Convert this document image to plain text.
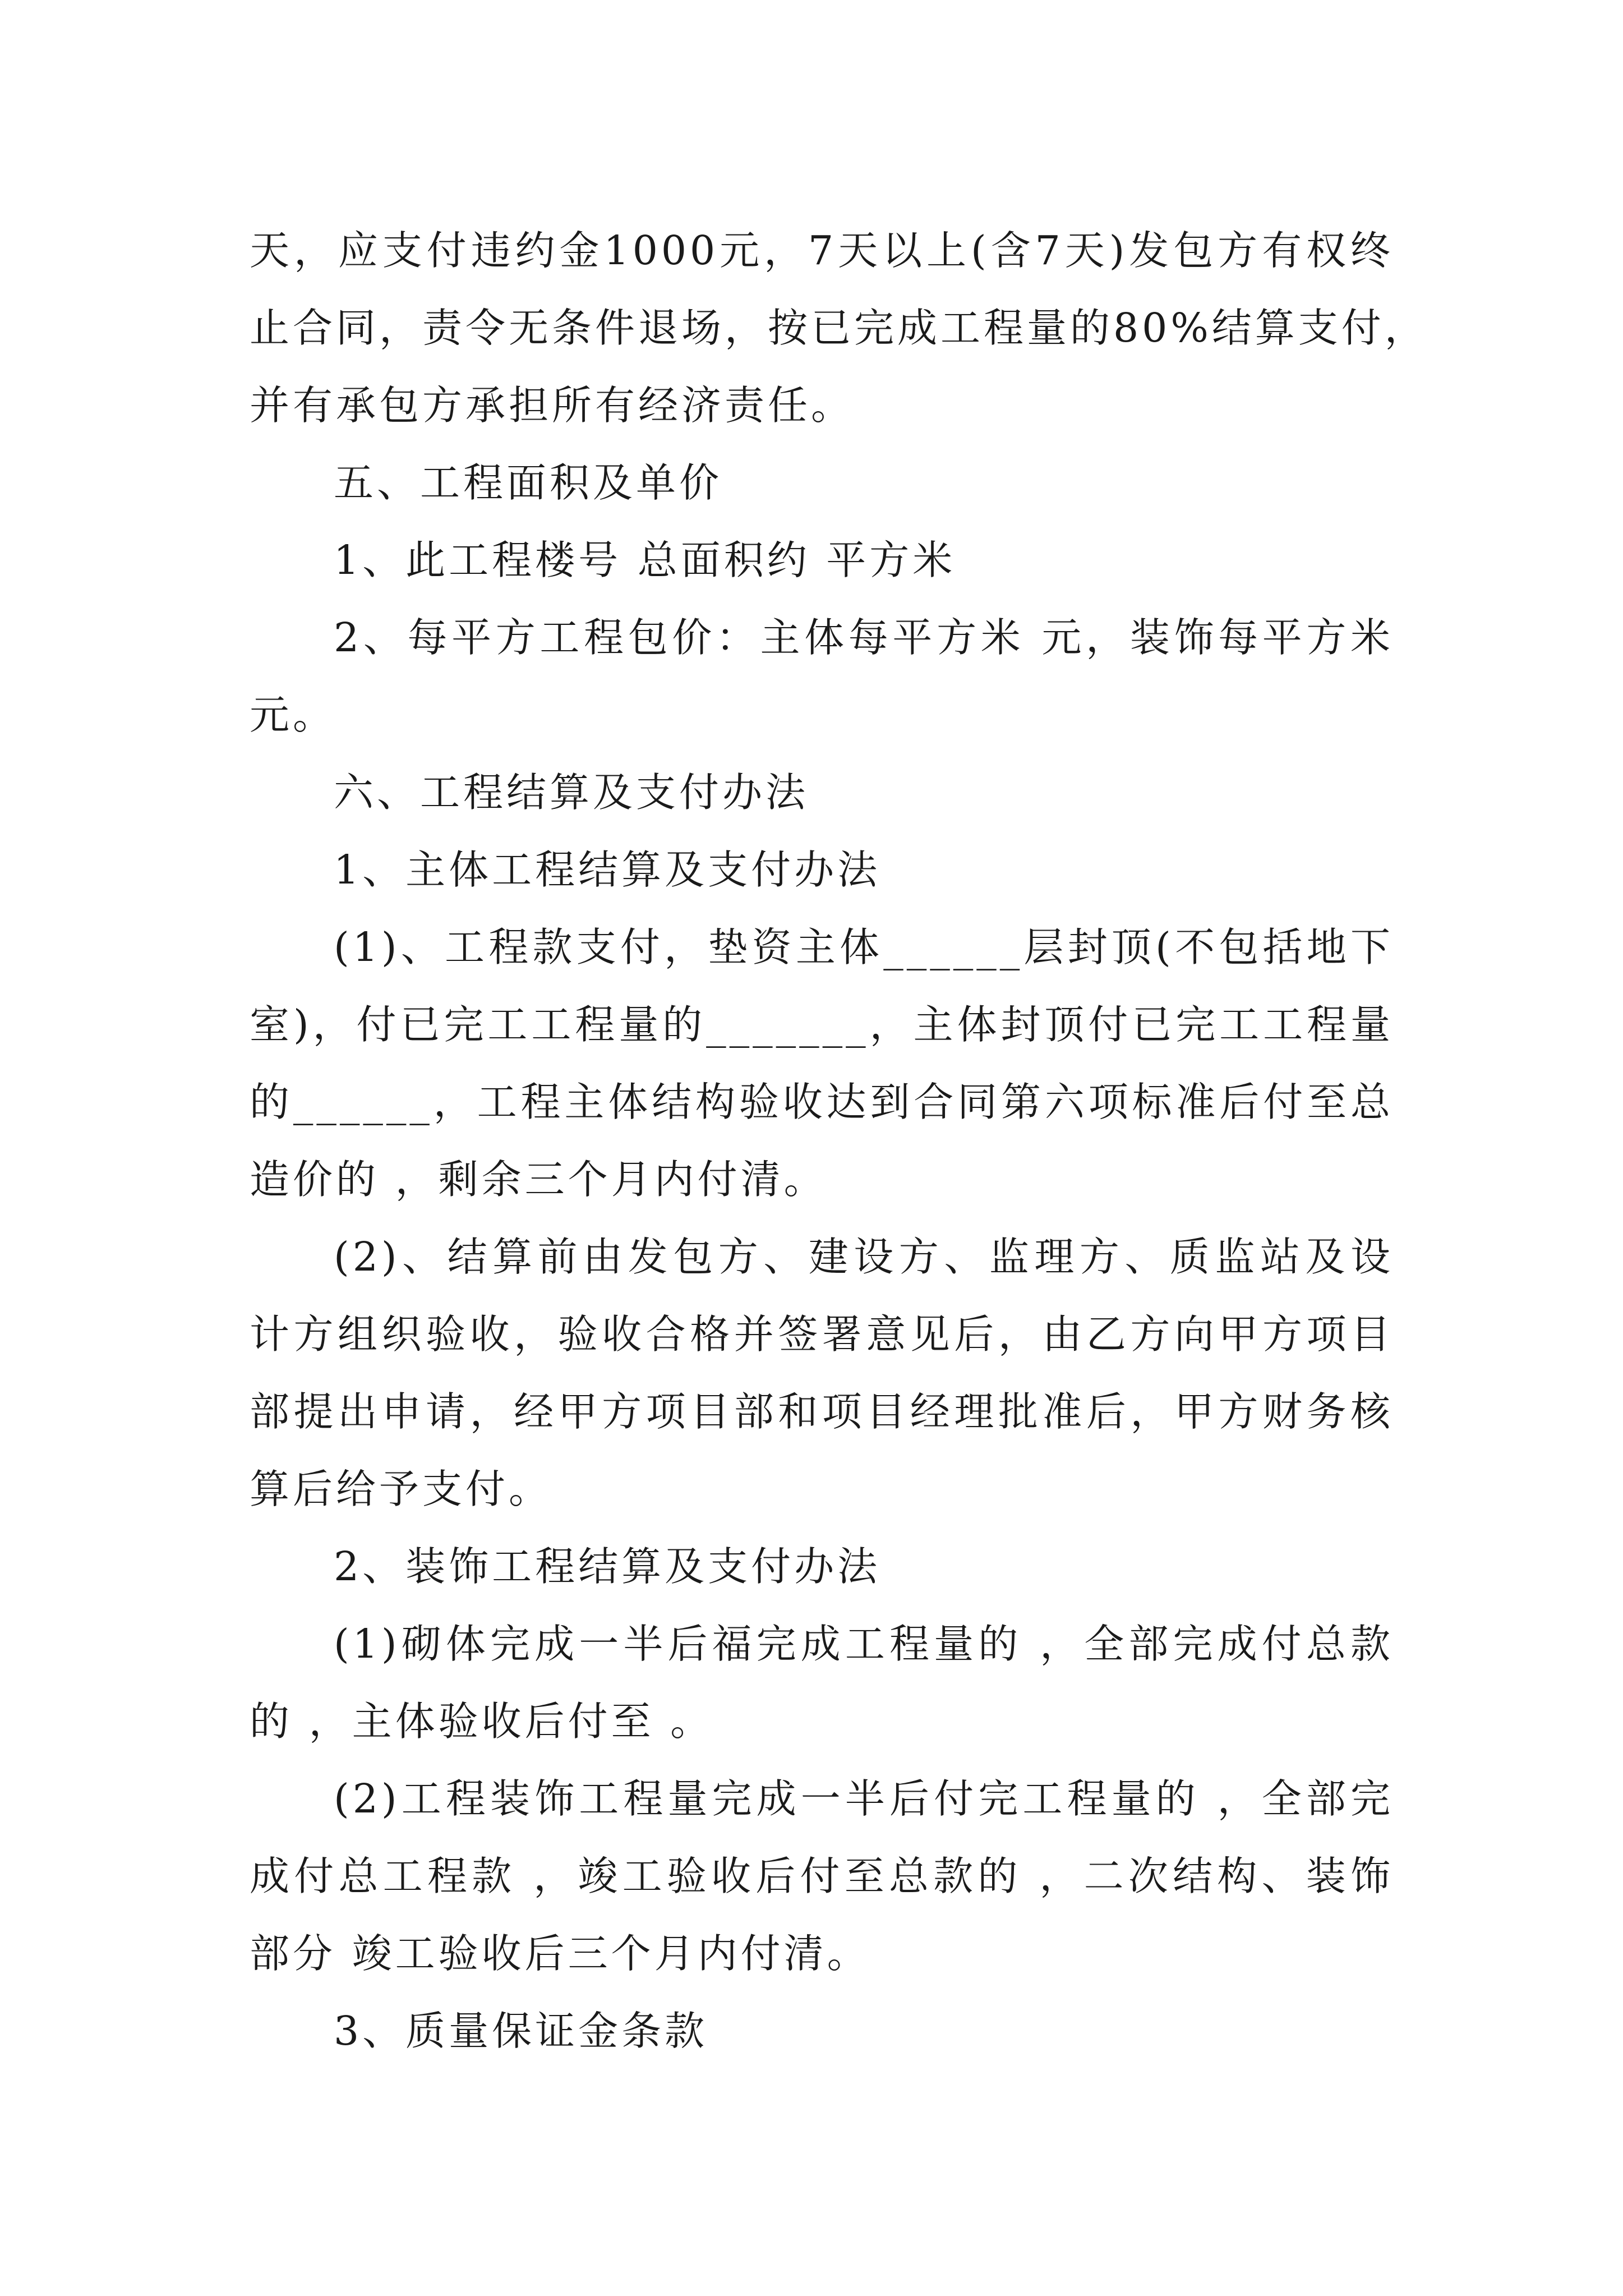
天，应支付违约金1000元，7天以上(含7天)发包方有权终
止合同，责令无条件退场，按已完成工程量的80%结算支付，
并有承包方承担所有经济责任。
五、工程面积及单价
1、此工程楼号 总面积约 平方米
2、每平方工程包价：主体每平方米 元，装饰每平方米
元。
六、工程结算及支付办法
1、主体工程结算及支付办法
(1)、工程款支付，垫资主体______层封顶(不包括地下
室)，付已完工工程量的_______，主体封顶付已完工工程量
的______，工程主体结构验收达到合同第六项标准后付至总
造价的 ，剩余三个月内付清。
(2)、结算前由发包方、建设方、监理方、质监站及设
计方组织验收，验收合格并签署意见后，由乙方向甲方项目
部提出申请，经甲方项目部和项目经理批准后，甲方财务核
算后给予支付。
2、装饰工程结算及支付办法
(1)砌体完成一半后福完成工程量的 ，全部完成付总款
的 ，主体验收后付至 。
(2)工程装饰工程量完成一半后付完工程量的 ，全部完
成付总工程款 ，竣工验收后付至总款的 ，二次结构、装饰
部分 竣工验收后三个月内付清。
3、质量保证金条款
